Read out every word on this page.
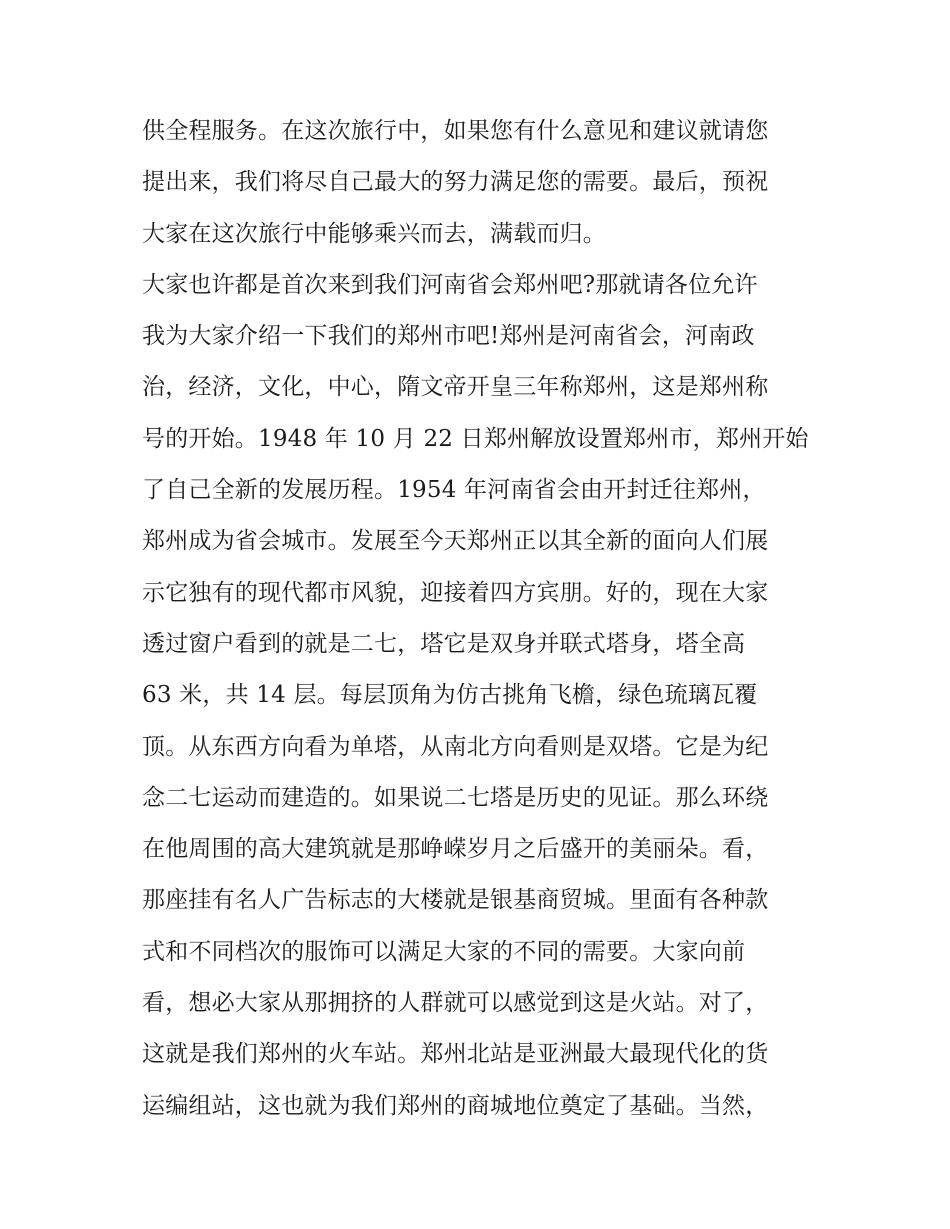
供全程服务。在这次旅行中，如果您有什么意见和建议就请您
提出来，我们将尽自己最大的努力满足您的需要。最后，预祝
大家在这次旅行中能够乘兴而去，满载而归。
大家也许都是首次来到我们河南省会郑州吧?那就请各位允许
我为大家介绍一下我们的郑州市吧!郑州是河南省会，河南政
治，经济，文化，中心，隋文帝开皇三年称郑州，这是郑州称
号的开始。1948 年 10 月 22 日郑州解放设置郑州市，郑州开始
了自己全新的发展历程。1954 年河南省会由开封迁往郑州，
郑州成为省会城市。发展至今天郑州正以其全新的面向人们展
示它独有的现代都市风貌，迎接着四方宾朋。好的，现在大家
透过窗户看到的就是二七，塔它是双身并联式塔身，塔全高
63 米，共 14 层。每层顶角为仿古挑角飞檐，绿色琉璃瓦覆
顶。从东西方向看为单塔，从南北方向看则是双塔。它是为纪
念二七运动而建造的。如果说二七塔是历史的见证。那么环绕
在他周围的高大建筑就是那峥嵘岁月之后盛开的美丽朵。看，
那座挂有名人广告标志的大楼就是银基商贸城。里面有各种款
式和不同档次的服饰可以满足大家的不同的需要。大家向前
看，想必大家从那拥挤的人群就可以感觉到这是火站。对了，
这就是我们郑州的火车站。郑州北站是亚洲最大最现代化的货
运编组站，这也就为我们郑州的商城地位奠定了基础。当然，
